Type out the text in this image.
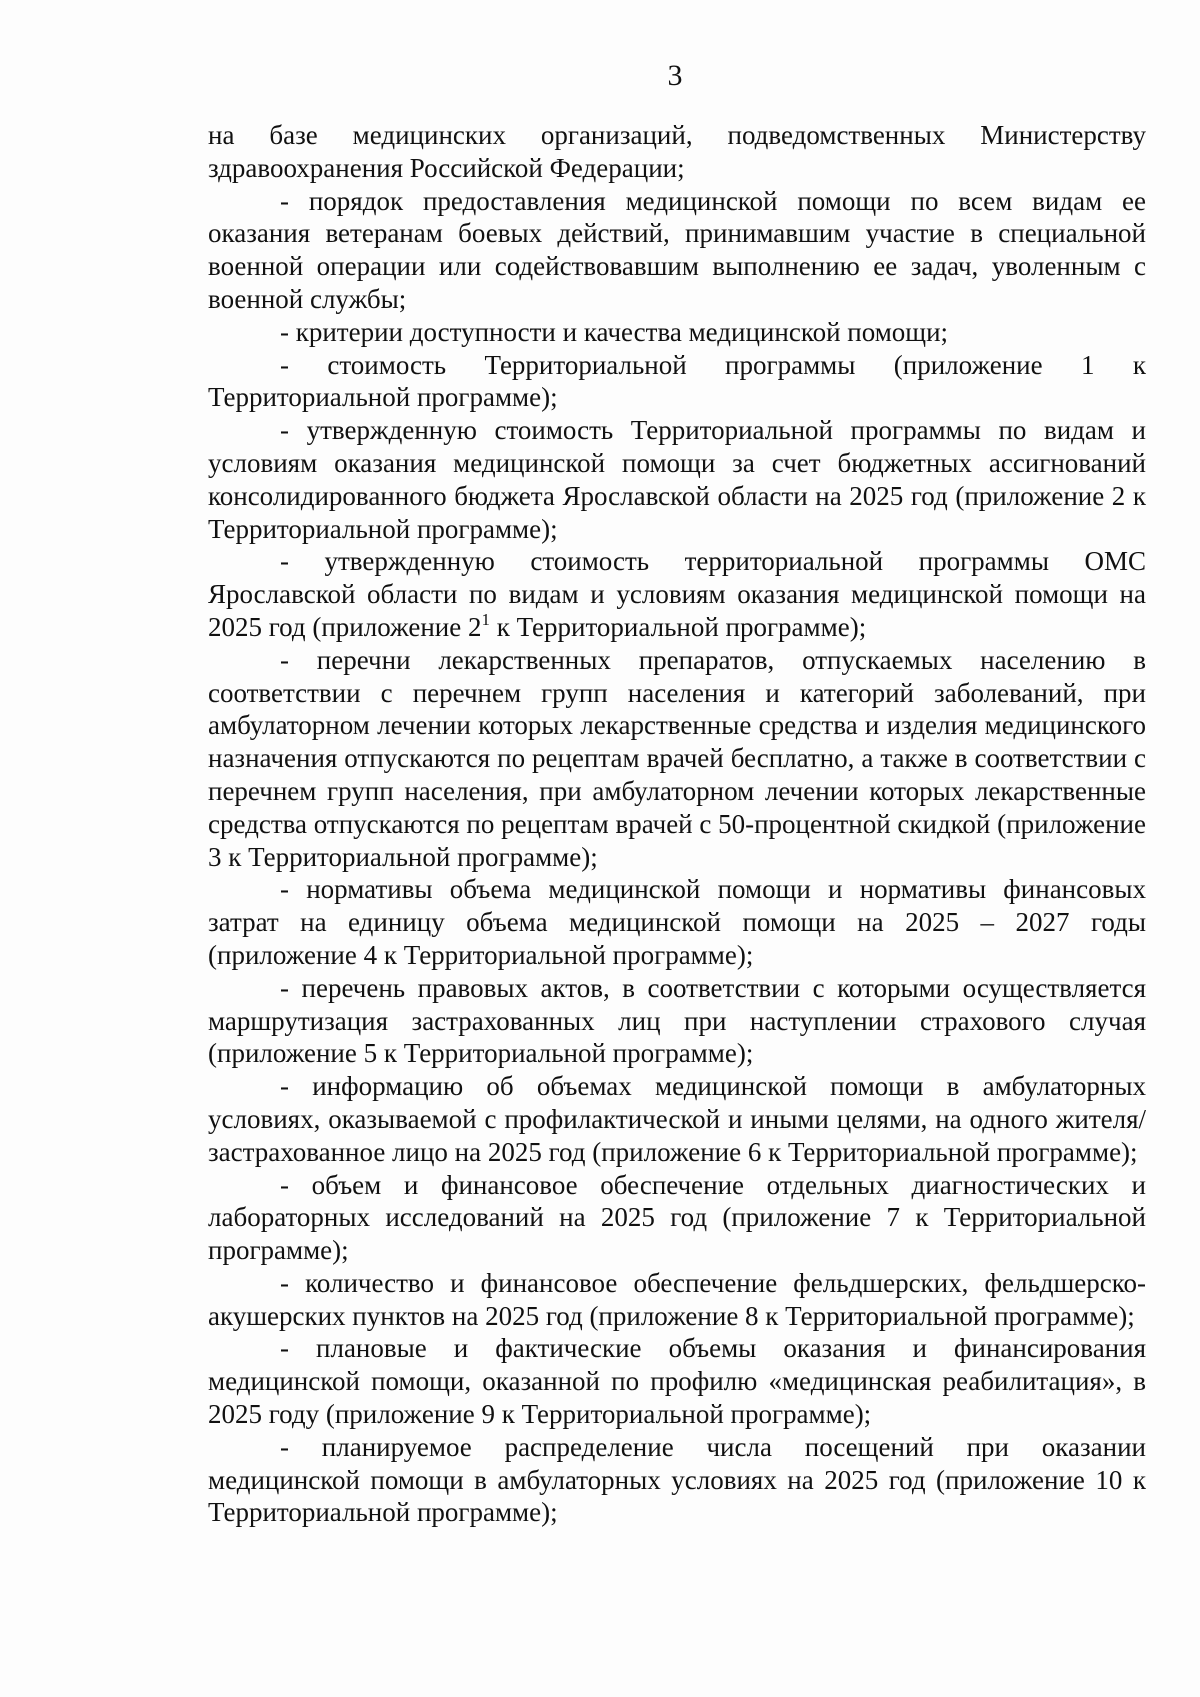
3

на базе медицинских организаций, подведомственных Министерству здравоохранения Российской Федерации;

- порядок предоставления медицинской помощи по всем видам ее оказания ветеранам боевых действий, принимавшим участие в специальной военной операции или содействовавшим выполнению ее задач, уволенным с военной службы;

- критерии доступности и качества медицинской помощи;

- стоимость Территориальной программы (приложение 1 к Территориальной программе);

- утвержденную стоимость Территориальной программы по видам и условиям оказания медицинской помощи за счет бюджетных ассигнований консолидированного бюджета Ярославской области на 2025 год (приложение 2 к Территориальной программе);

- утвержденную стоимость территориальной программы ОМС Ярославской области по видам и условиям оказания медицинской помощи на 2025 год (приложение $2^1$ к Территориальной программе);

- перечни лекарственных препаратов, отпускаемых населению в соответствии с перечнем групп населения и категорий заболеваний, при амбулаторном лечении которых лекарственные средства и изделия медицинского назначения отпускаются по рецептам врачей бесплатно, а также в соответствии с перечнем групп населения, при амбулаторном лечении которых лекарственные средства отпускаются по рецептам врачей с 50-процентной скидкой (приложение 3 к Территориальной программе);

- нормативы объема медицинской помощи и нормативы финансовых затрат на единицу объема медицинской помощи на 2025 – 2027 годы (приложение 4 к Территориальной программе);

- перечень правовых актов, в соответствии с которыми осуществляется маршрутизация застрахованных лиц при наступлении страхового случая (приложение 5 к Территориальной программе);

- информацию об объемах медицинской помощи в амбулаторных условиях, оказываемой с профилактической и иными целями, на одного жителя/ застрахованное лицо на 2025 год (приложение 6 к Территориальной программе);

- объем и финансовое обеспечение отдельных диагностических и лабораторных исследований на 2025 год (приложение 7 к Территориальной программе);

- количество и финансовое обеспечение фельдшерских, фельдшерско-акушерских пунктов на 2025 год (приложение 8 к Территориальной программе);

- плановые и фактические объемы оказания и финансирования медицинской помощи, оказанной по профилю «медицинская реабилитация», в 2025 году (приложение 9 к Территориальной программе);

- планируемое распределение числа посещений при оказании медицинской помощи в амбулаторных условиях на 2025 год (приложение 10 к Территориальной программе);
